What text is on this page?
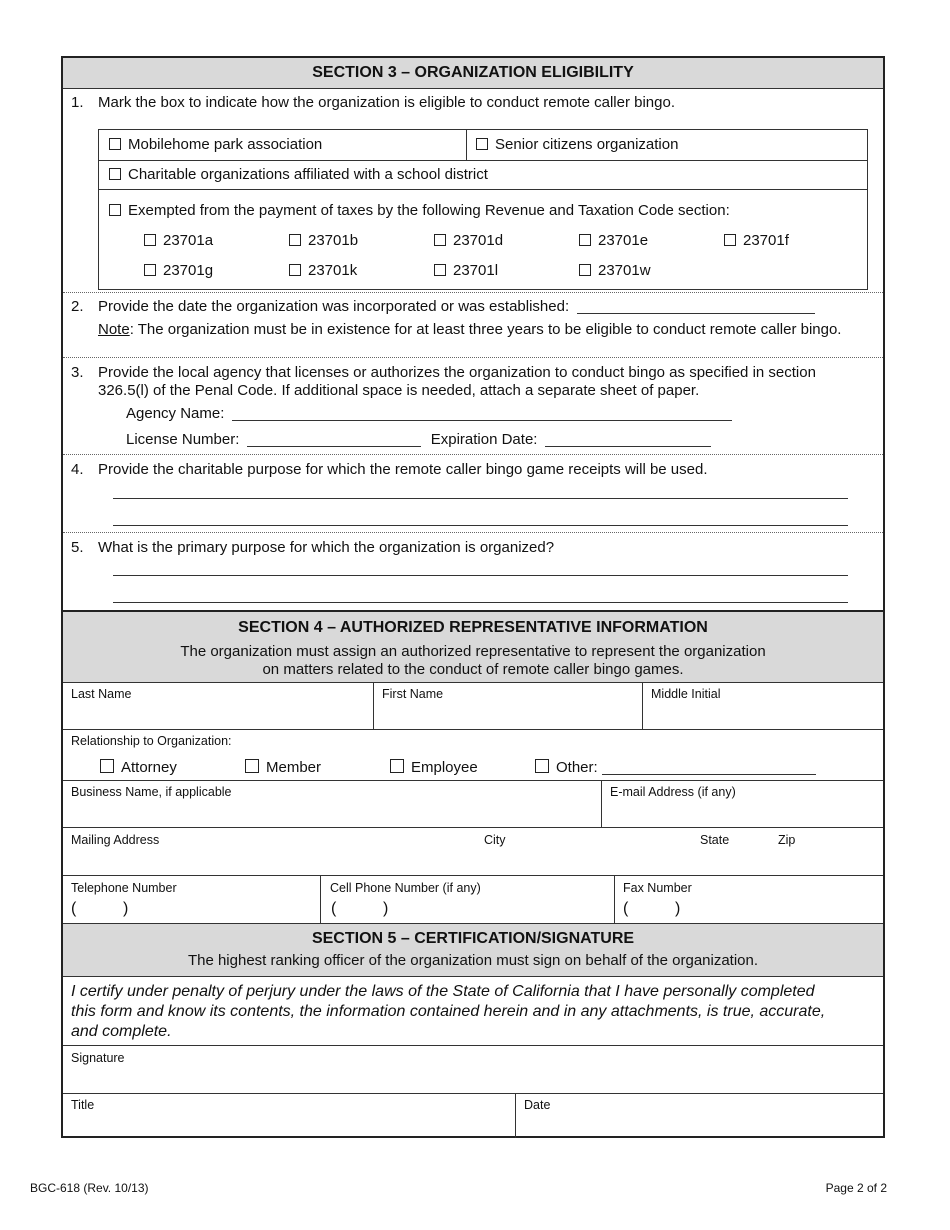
SECTION 3 – ORGANIZATION ELIGIBILITY
1. Mark the box to indicate how the organization is eligible to conduct remote caller bingo.
Mobilehome park association	Senior citizens organization
Charitable organizations affiliated with a school district
Exempted from the payment of taxes by the following Revenue and Taxation Code section:
23701a	23701b	23701d	23701e	23701f
23701g	23701k	23701l	23701w
2. Provide the date the organization was incorporated or was established:
Note: The organization must be in existence for at least three years to be eligible to conduct remote caller bingo.
3. Provide the local agency that licenses or authorizes the organization to conduct bingo as specified in section
326.5(l) of the Penal Code. If additional space is needed, attach a separate sheet of paper.
Agency Name:
License Number:	Expiration Date:
4. Provide the charitable purpose for which the remote caller bingo game receipts will be used.
5. What is the primary purpose for which the organization is organized?
SECTION 4 – AUTHORIZED REPRESENTATIVE INFORMATION
The organization must assign an authorized representative to represent the organization
on matters related to the conduct of remote caller bingo games.
Last Name	First Name	Middle Initial
Relationship to Organization:
Attorney	Member	Employee	Other:
Business Name, if applicable	E-mail Address (if any)
Mailing Address	City	State	Zip
Telephone Number	Cell Phone Number (if any)	Fax Number
(	)	(	)	(	)
SECTION 5 – CERTIFICATION/SIGNATURE
The highest ranking officer of the organization must sign on behalf of the organization.
I certify under penalty of perjury under the laws of the State of California that I have personally completed
this form and know its contents, the information contained herein and in any attachments, is true, accurate,
and complete.
Signature
Title	Date
BGC-618 (Rev. 10/13)	Page 2 of 2
